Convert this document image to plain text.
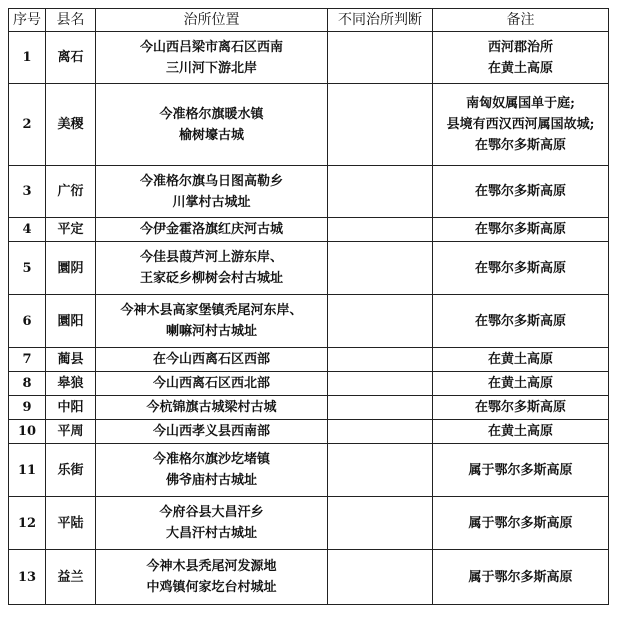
序号	县名	治所位置	不同治所判断	备注

1	离石	今山西吕梁市离石区西南
三川河下游北岸		西河郡治所
在黄土高原

2	美稷	今准格尔旗暖水镇
榆树壕古城		南匈奴属国单于庭;
县境有西汉西河属国故城;
在鄂尔多斯高原

3	广衍	今准格尔旗乌日图高勒乡
川掌村古城址		在鄂尔多斯高原

4	平定	今伊金霍洛旗红庆河古城		在鄂尔多斯高原

5	圜阴	今佳县葭芦河上游东岸、
王家砭乡柳树会村古城址		在鄂尔多斯高原

6	圜阳	今神木县高家堡镇秃尾河东岸、
喇嘛河村古城址		在鄂尔多斯高原

7	蔺县	在今山西离石区西部		在黄土高原

8	皋狼	今山西离石区西北部		在黄土高原

9	中阳	今杭锦旗古城梁村古城		在鄂尔多斯高原

10	平周	今山西孝义县西南部		在黄土高原

11	乐街	今准格尔旗沙圪堵镇
佛爷庙村古城址		属于鄂尔多斯高原

12	平陆	今府谷县大昌汗乡
大昌汗村古城址		属于鄂尔多斯高原

13	益兰	今神木县秃尾河发源地
中鸡镇何家圪台村城址		属于鄂尔多斯高原
